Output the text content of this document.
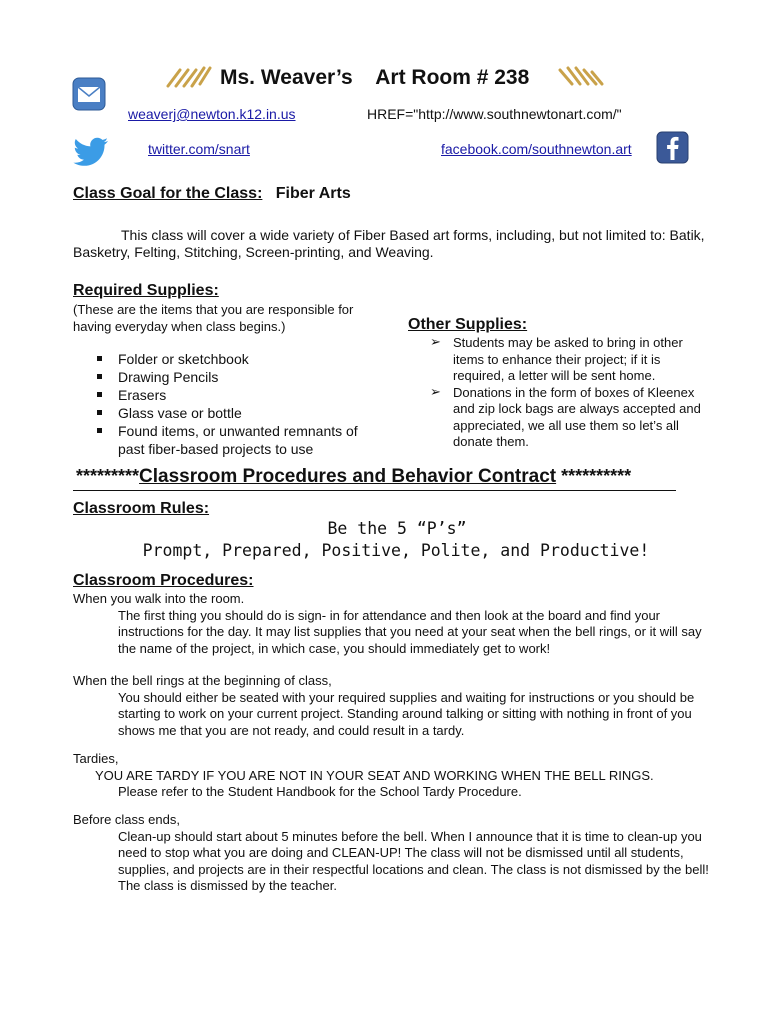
Ms. Weaver’s    Art Room # 238
weaverj@newton.k12.in.us	HREF="http://www.southnewtonart.com/"
twitter.com/snart	facebook.com/southnewton.art
Class Goal for the Class: Fiber Arts
This class will cover a wide variety of Fiber Based art forms, including, but not limited to: Batik, Basketry, Felting, Stitching, Screen-printing, and Weaving.
Required Supplies:
(These are the items that you are responsible for having everyday when class begins.)
Folder or sketchbook
Drawing Pencils
Erasers
Glass vase or bottle
Found items, or unwanted remnants of past fiber-based projects to use
Other Supplies:
➢ Students may be asked to bring in other items to enhance their project; if it is required, a letter will be sent home.
➢ Donations in the form of boxes of Kleenex and zip lock bags are always accepted and appreciated, we all use them so let’s all donate them.
*********Classroom Procedures and Behavior Contract **********
Classroom Rules:
Be the 5 “P’s”
Prompt, Prepared, Positive, Polite, and Productive!
Classroom Procedures:
When you walk into the room.
The first thing you should do is sign- in for attendance and then look at the board and find your instructions for the day. It may list supplies that you need at your seat when the bell rings, or it will say the name of the project, in which case, you should immediately get to work!
When the bell rings at the beginning of class,
You should either be seated with your required supplies and waiting for instructions or you should be starting to work on your current project. Standing around talking or sitting with nothing in front of you shows me that you are not ready, and could result in a tardy.
Tardies,
YOU ARE TARDY IF YOU ARE NOT IN YOUR SEAT AND WORKING WHEN THE BELL RINGS.
Please refer to the Student Handbook for the School Tardy Procedure.
Before class ends,
Clean-up should start about 5 minutes before the bell. When I announce that it is time to clean-up you need to stop what you are doing and CLEAN-UP! The class will not be dismissed until all students, supplies, and projects are in their respectful locations and clean. The class is not dismissed by the bell! The class is dismissed by the teacher.
